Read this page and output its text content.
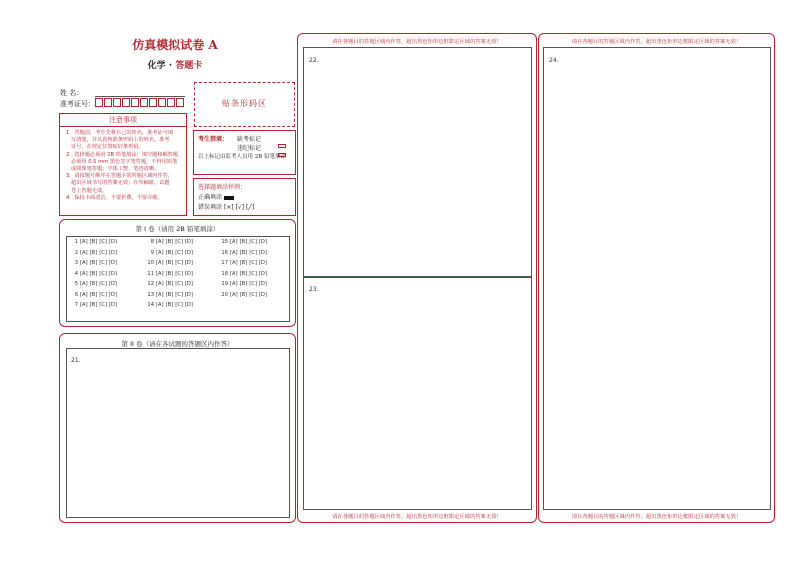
仿真模拟试卷 A
化学 · 答题卡
姓 名：
准考证号：	贴条形码区
注意事项
1．答题前，考生先将自己的姓名，准考证号填
写清楚，并认真核准条形码上的姓名、准考
证号，在规定位置贴好条形码。
2．选择题必须用 2B 铅笔填涂；填空题和解答题
必须用 0.5 mm 黑色签字笔答题，不得用铅笔
或圆珠笔答题；字体工整、笔迹清晰。
3．请按题号顺序在答题卡的答题区域内作答，
超出区域书写的答案无效；在草稿纸、试题
卷上答题无效。
4．保持卡面清洁，不要折叠，不要弄破。
考生禁填： 缺考标记
违纪标记
以上标记由监考人员用 2B 铅笔填涂
选择题填涂样例：
正确填涂
错误填涂 [×] [√] [╱]
第 I 卷（请用 2B 铅笔填涂）
1 [A] [B] [C] [D]
2 [A] [B] [C] [D]
3 [A] [B] [C] [D]
4 [A] [B] [C] [D]
5 [A] [B] [C] [D]
6 [A] [B] [C] [D]
7 [A] [B] [C] [D]
8 [A] [B] [C] [D]
9 [A] [B] [C] [D]
10 [A] [B] [C] [D]
11 [A] [B] [C] [D]
12 [A] [B] [C] [D]
13 [A] [B] [C] [D]
14 [A] [B] [C] [D]
15 [A] [B] [C] [D]
16 [A] [B] [C] [D]
17 [A] [B] [C] [D]
18 [A] [B] [C] [D]
19 [A] [B] [C] [D]
20 [A] [B] [C] [D]
第 II 卷（请在各试题的答题区内作答）
21．
请在各题目的答题区域内作答，超出黑色矩形边框限定区域的答案无效！
22．
23．
请在各题目的答题区域内作答，超出黑色矩形边框限定区域的答案无效！
请在各题目的答题区域内作答，超出黑色矩形边框限定区域的答案无效！
24．
请在各题目的答题区域内作答，超出黑色矩形边框限定区域的答案无效！
